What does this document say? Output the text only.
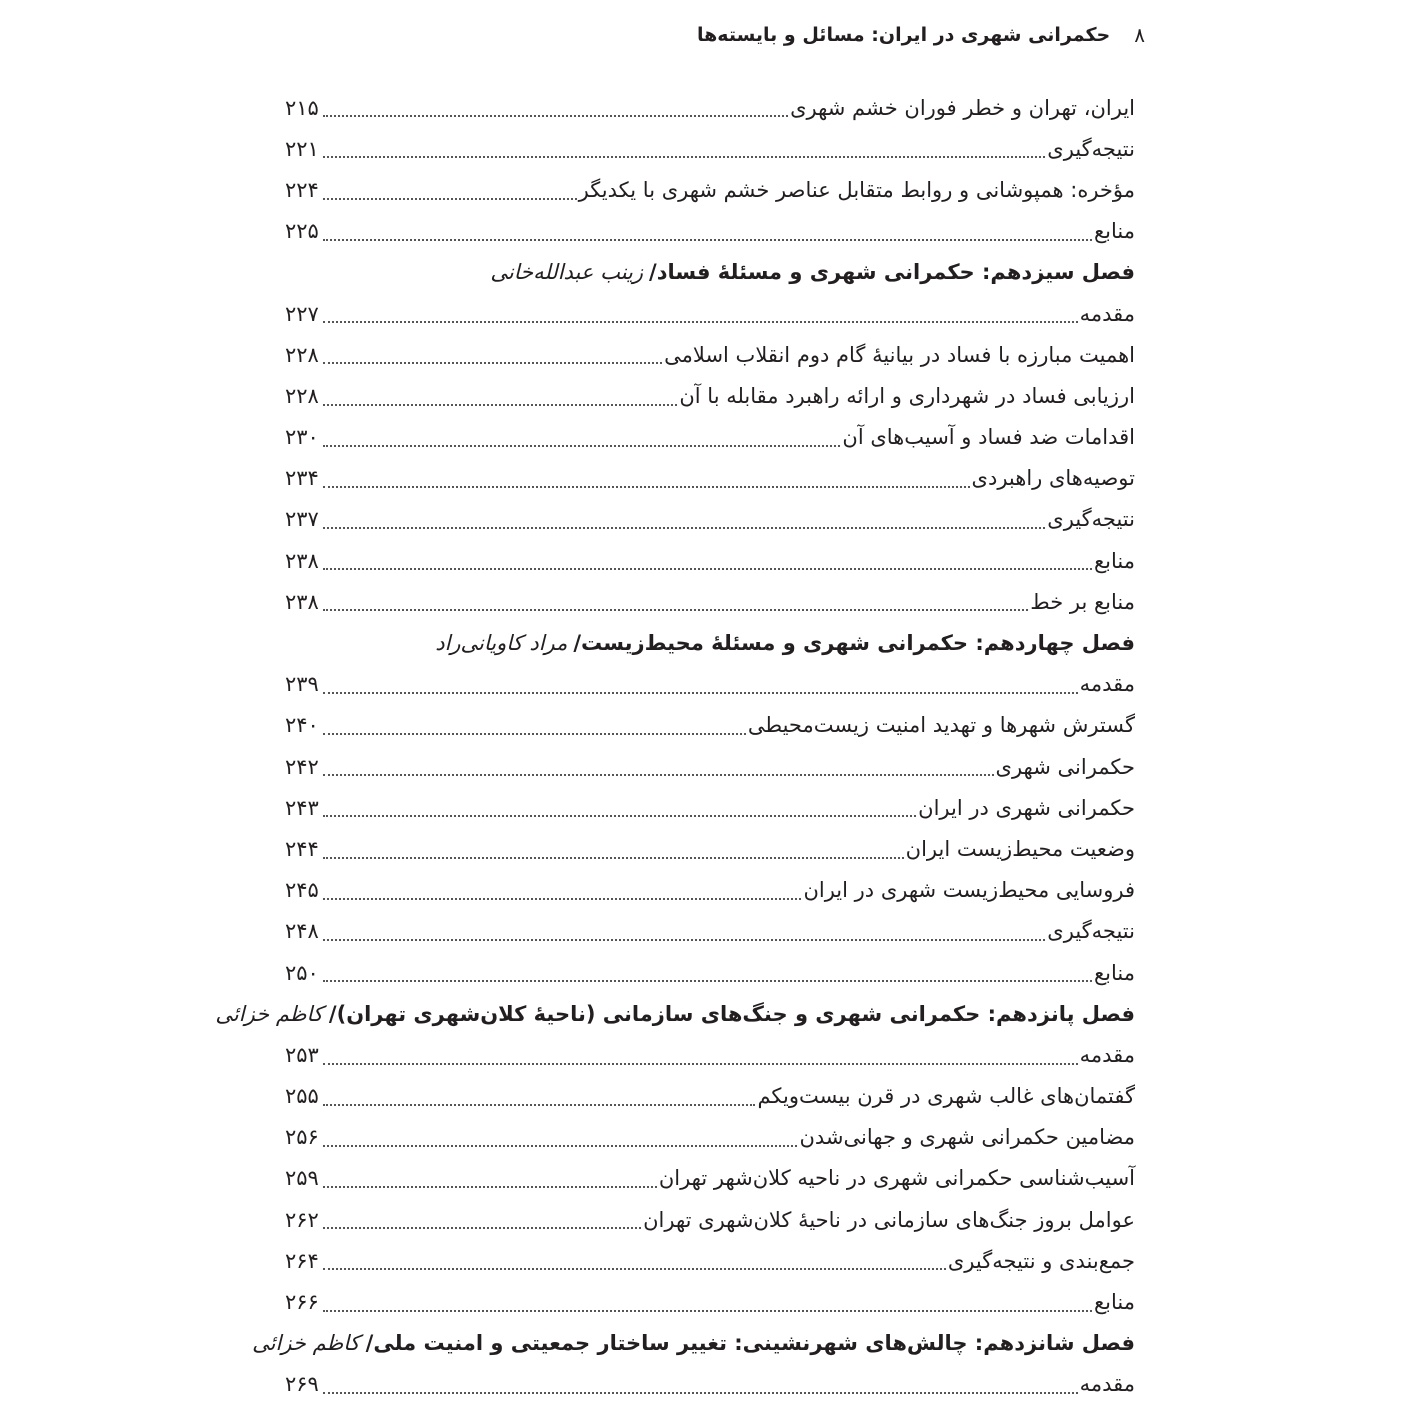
۸
حکمرانی شهری در ایران: مسائل و بایسته‌ها
ایران، تهران و خطر فوران خشم شهری
۲۱۵
نتیجه‌گیری
۲۲۱
مؤخره: همپوشانی و روابط متقابل عناصر خشم شهری با یکدیگر
۲۲۴
منابع
۲۲۵
فصل سیزدهم: حکمرانی شهری و مسئلهٔ فساد/
زینب عبدالله‌خانی
مقدمه
۲۲۷
اهمیت مبارزه با فساد در بیانیهٔ گام دوم انقلاب اسلامی
۲۲۸
ارزیابی فساد در شهرداری و ارائه راهبرد مقابله با آن
۲۲۸
اقدامات ضد فساد و آسیب‌های آن
۲۳۰
توصیه‌های راهبردی
۲۳۴
نتیجه‌گیری
۲۳۷
منابع
۲۳۸
منابع بر خط
۲۳۸
فصل چهاردهم: حکمرانی شهری و مسئلهٔ محیط‌زیست/
مراد کاویانی‌راد
مقدمه
۲۳۹
گسترش شهرها و تهدید امنیت زیست‌محیطی
۲۴۰
حکمرانی شهری
۲۴۲
حکمرانی شهری در ایران
۲۴۳
وضعیت محیط‌زیست ایران
۲۴۴
فروسایی محیط‌زیست شهری در ایران
۲۴۵
نتیجه‌گیری
۲۴۸
منابع
۲۵۰
فصل پانزدهم: حکمرانی شهری و جنگ‌های سازمانی (ناحیهٔ کلان‌شهری تهران)/
کاظم خزائی
مقدمه
۲۵۳
گفتمان‌های غالب شهری در قرن بیست‌ویکم
۲۵۵
مضامین حکمرانی شهری و جهانی‌شدن
۲۵۶
آسیب‌شناسی حکمرانی شهری در ناحیه کلان‌شهر تهران
۲۵۹
عوامل بروز جنگ‌های سازمانی در ناحیهٔ کلان‌شهری تهران
۲۶۲
جمع‌بندی و نتیجه‌گیری
۲۶۴
منابع
۲۶۶
فصل شانزدهم: چالش‌های شهرنشینی: تغییر ساختار جمعیتی و امنیت ملی/
کاظم خزائی
مقدمه
۲۶۹
